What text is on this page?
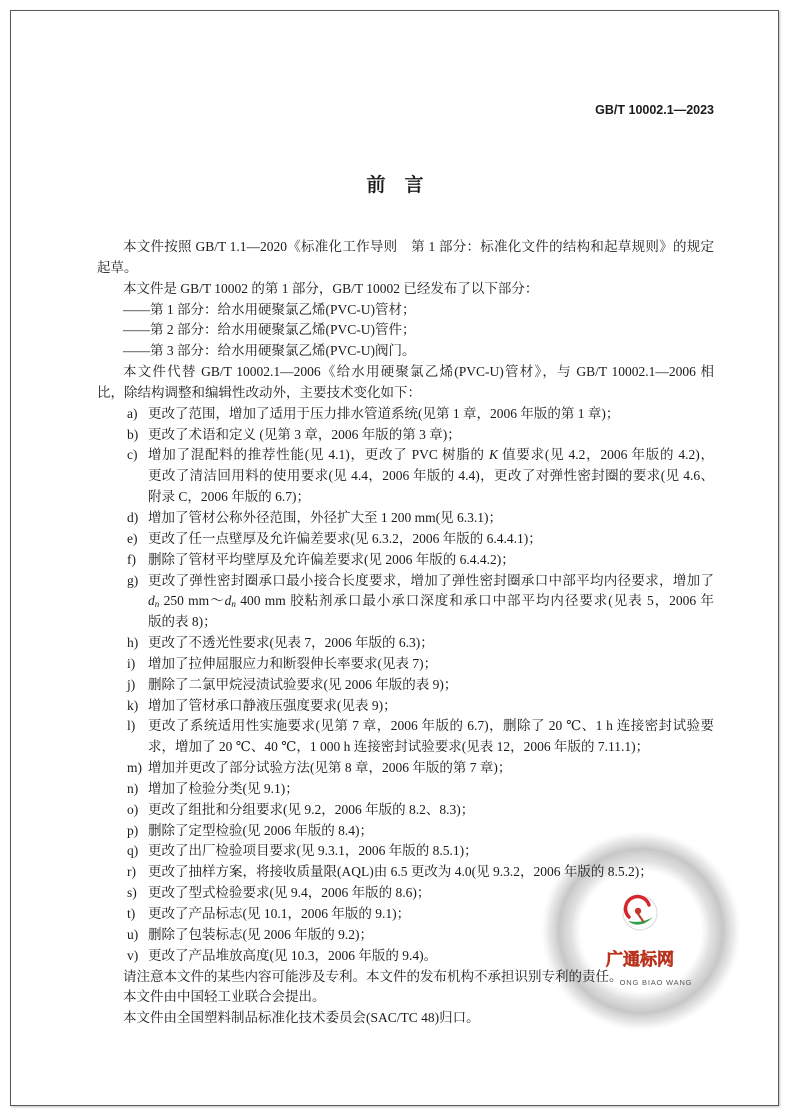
GB/T 10002.1—2023
前　言
广通标网
ONG BIAO WANG
本文件按照 GB/T 1.1—2020《标准化工作导则　第 1 部分：标准化文件的结构和起草规则》的规定
起草。
本文件是 GB/T 10002 的第 1 部分，GB/T 10002 已经发布了以下部分：
——第 1 部分：给水用硬聚氯乙烯(PVC-U)管材；
——第 2 部分：给水用硬聚氯乙烯(PVC-U)管件；
——第 3 部分：给水用硬聚氯乙烯(PVC-U)阀门。
本文件代替 GB/T 10002.1—2006《给水用硬聚氯乙烯(PVC-U)管材》，与 GB/T 10002.1—2006 相
比，除结构调整和编辑性改动外，主要技术变化如下：
a) 更改了范围，增加了适用于压力排水管道系统(见第 1 章，2006 年版的第 1 章)；
b) 更改了术语和定义 (见第 3 章，2006 年版的第 3 章)；
c) 增加了混配料的推荐性能(见 4.1)，更改了 PVC 树脂的 K 值要求(见 4.2，2006 年版的 4.2)，
更改了清洁回用料的使用要求(见 4.4，2006 年版的 4.4)，更改了对弹性密封圈的要求(见 4.6、
附录 C，2006 年版的 6.7)；
d) 增加了管材公称外径范围，外径扩大至 1 200 mm(见 6.3.1)；
e) 更改了任一点壁厚及允许偏差要求(见 6.3.2，2006 年版的 6.4.4.1)；
f) 删除了管材平均壁厚及允许偏差要求(见 2006 年版的 6.4.4.2)；
g) 更改了弹性密封圈承口最小接合长度要求，增加了弹性密封圈承口中部平均内径要求，增加了
$d_n$ 250 $mm\sim d_n$ 400 mm 胶粘剂承口最小承口深度和承口中部平均内径要求(见表 5，2006 年
版的表 8)；
h) 更改了不透光性要求(见表 7，2006 年版的 6.3)；
i) 增加了拉伸屈服应力和断裂伸长率要求(见表 7)；
j) 删除了二氯甲烷浸渍试验要求(见 2006 年版的表 9)；
k) 增加了管材承口静液压强度要求(见表 9)；
l) 更改了系统适用性实施要求(见第 7 章，2006 年版的 6.7)，删除了 20 ℃、1 h 连接密封试验要
求，增加了 20 ℃、40 ℃，1 000 h 连接密封试验要求(见表 12，2006 年版的 7.11.1)；
m) 增加并更改了部分试验方法(见第 8 章，2006 年版的第 7 章)；
n) 增加了检验分类(见 9.1)；
o) 更改了组批和分组要求(见 9.2，2006 年版的 8.2、8.3)；
p) 删除了定型检验(见 2006 年版的 8.4)；
q) 更改了出厂检验项目要求(见 9.3.1，2006 年版的 8.5.1)；
r) 更改了抽样方案，将接收质量限(AQL)由 6.5 更改为 4.0(见 9.3.2，2006 年版的 8.5.2)；
s) 更改了型式检验要求(见 9.4，2006 年版的 8.6)；
t) 更改了产品标志(见 10.1，2006 年版的 9.1)；
u) 删除了包装标志(见 2006 年版的 9.2)；
v) 更改了产品堆放高度(见 10.3，2006 年版的 9.4)。
请注意本文件的某些内容可能涉及专利。本文件的发布机构不承担识别专利的责任。
本文件由中国轻工业联合会提出。
本文件由全国塑料制品标准化技术委员会(SAC/TC 48)归口。
